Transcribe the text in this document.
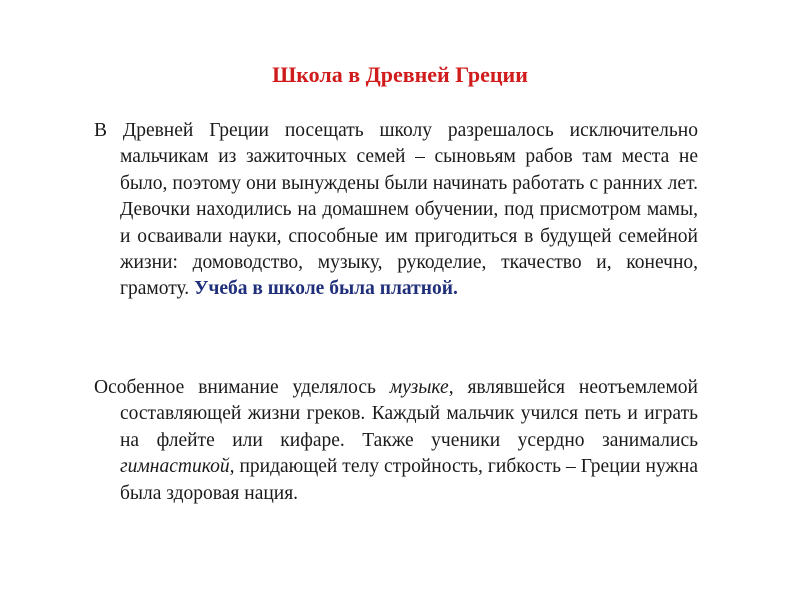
Школа в Древней Греции
В Древней Греции посещать школу разрешалось исключительно мальчикам из зажиточных семей – сыновьям рабов там места не было, поэтому они вынуждены были начинать работать с ранних лет. Девочки находились на домашнем обучении, под присмотром мамы, и осваивали науки, способные им пригодиться в будущей семейной жизни: домоводство, музыку, рукоделие, ткачество и, конечно, грамоту. Учеба в школе была платной.
Особенное внимание уделялось музыке, являвшейся неотъемлемой составляющей жизни греков. Каждый мальчик учился петь и играть на флейте или кифаре. Также ученики усердно занимались гимнастикой, придающей телу стройность, гибкость – Греции нужна была здоровая нация.
